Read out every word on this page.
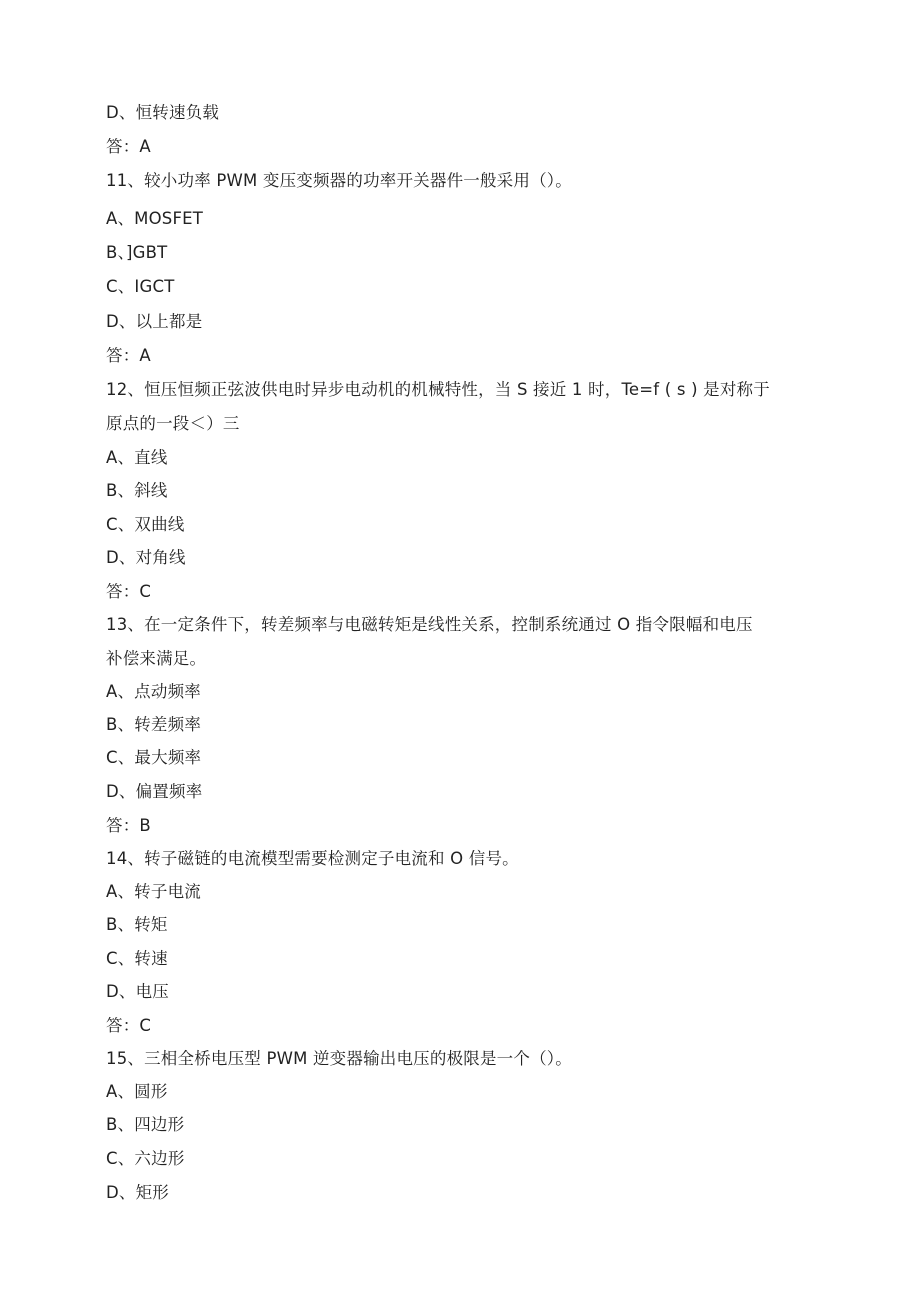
D、恒转速负载
答：A
11、较小功率 PWM 变压变频器的功率开关器件一般采用（）。
A、MOSFET
B、]GBT
C、IGCT
D、以上都是
答：A
12、恒压恒频正弦波供电时异步电动机的机械特性，当 S 接近 1 时，Te=f ( s ) 是对称于
原点的一段＜）三
A、直线
B、斜线
C、双曲线
D、对角线
答：C
13、在一定条件下，转差频率与电磁转矩是线性关系，控制系统通过 O 指令限幅和电压
补偿来满足。
A、点动频率
B、转差频率
C、最大频率
D、偏置频率
答：B
14、转子磁链的电流模型需要检测定子电流和 O 信号。
A、转子电流
B、转矩
C、转速
D、电压
答：C
15、三相全桥电压型 PWM 逆变器输出电压的极限是一个（）。
A、圆形
B、四边形
C、六边形
D、矩形
